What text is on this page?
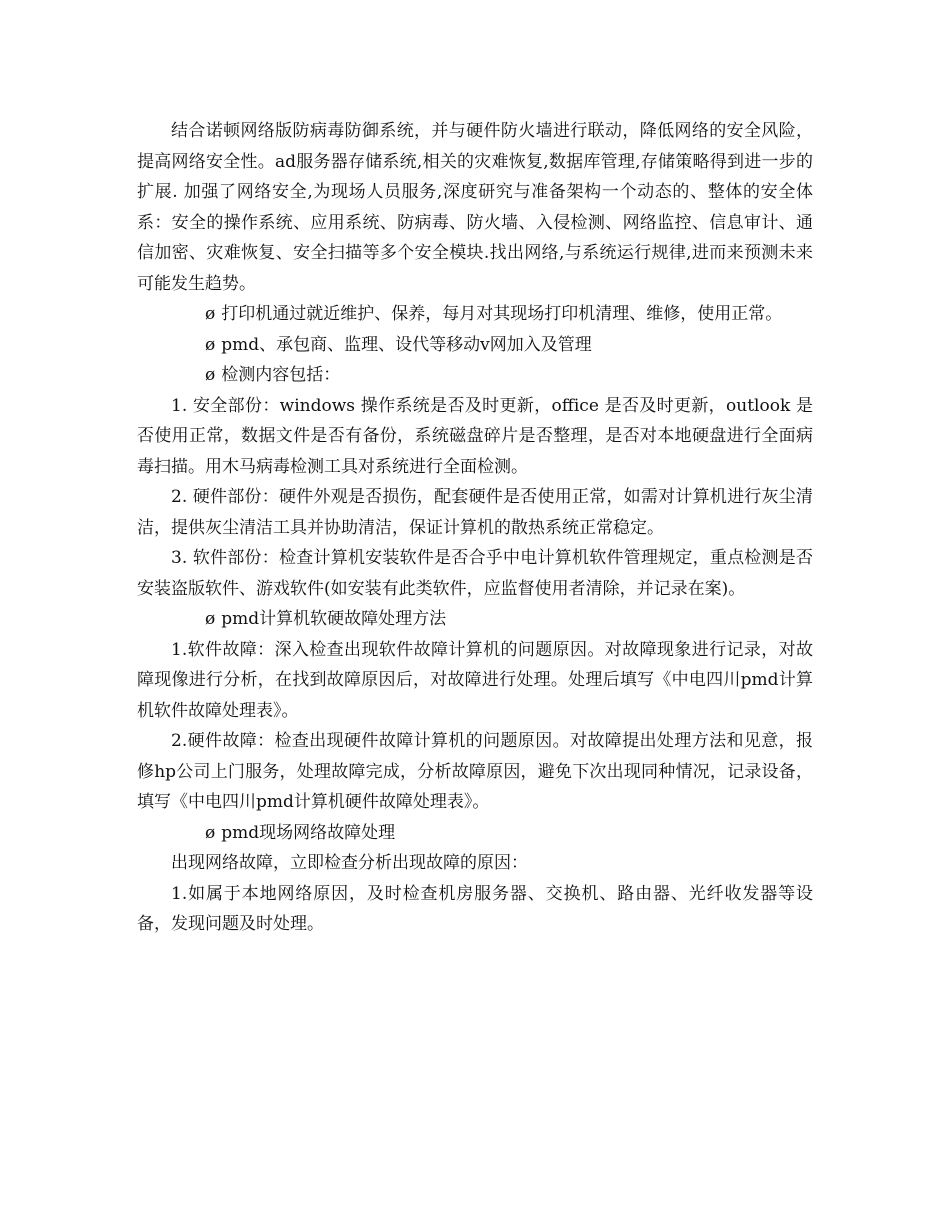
结合诺顿网络版防病毒防御系统，并与硬件防火墙进行联动，降低网络的安全风险，提高网络安全性。ad服务器存储系统,相关的灾难恢复,数据库管理,存储策略得到进一步的扩展. 加强了网络安全,为现场人员服务,深度研究与准备架构一个动态的、整体的安全体系：安全的操作系统、应用系统、防病毒、防火墙、入侵检测、网络监控、信息审计、通信加密、灾难恢复、安全扫描等多个安全模块.找出网络,与系统运行规律,进而来预测未来可能发生趋势。

ø 打印机通过就近维护、保养，每月对其现场打印机清理、维修，使用正常。

ø pmd、承包商、监理、设代等移动v网加入及管理

ø 检测内容包括：

1. 安全部份：windows 操作系统是否及时更新，office 是否及时更新，outlook 是否使用正常，数据文件是否有备份，系统磁盘碎片是否整理，是否对本地硬盘进行全面病毒扫描。用木马病毒检测工具对系统进行全面检测。

2. 硬件部份：硬件外观是否损伤，配套硬件是否使用正常，如需对计算机进行灰尘清洁，提供灰尘清洁工具并协助清洁，保证计算机的散热系统正常稳定。

3. 软件部份：检查计算机安装软件是否合乎中电计算机软件管理规定，重点检测是否安装盗版软件、游戏软件(如安装有此类软件，应监督使用者清除，并记录在案)。

ø pmd计算机软硬故障处理方法

1.软件故障：深入检查出现软件故障计算机的问题原因。对故障现象进行记录，对故障现像进行分析，在找到故障原因后，对故障进行处理。处理后填写《中电四川pmd计算机软件故障处理表》。

2.硬件故障：检查出现硬件故障计算机的问题原因。对故障提出处理方法和见意，报修hp公司上门服务，处理故障完成，分析故障原因，避免下次出现同种情况，记录设备，填写《中电四川pmd计算机硬件故障处理表》。

ø pmd现场网络故障处理

出现网络故障，立即检查分析出现故障的原因：

1.如属于本地网络原因，及时检查机房服务器、交换机、路由器、光纤收发器等设备，发现问题及时处理。
